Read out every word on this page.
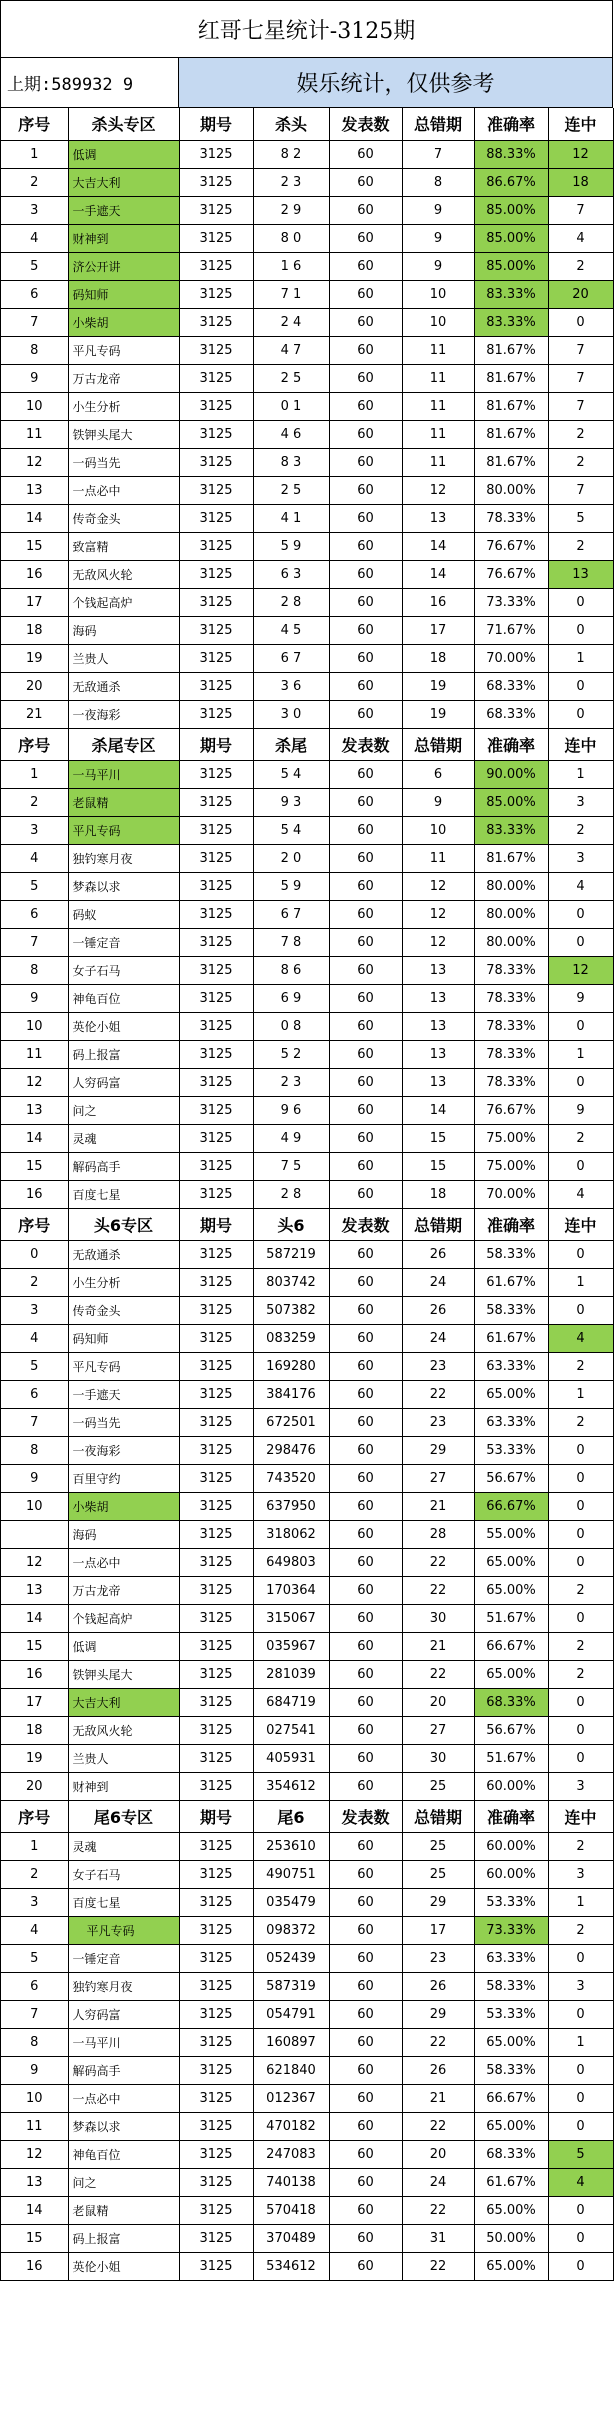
红哥七星统计-3125期
上期:589932 9	娱乐统计，仅供参考
序号	杀头专区	期号	杀头	发表数	总错期	准确率	连中
1	低调	3125	8 2	60	7	88.33%	12
2	大吉大利	3125	2 3	60	8	86.67%	18
3	一手遮天	3125	2 9	60	9	85.00%	7
4	财神到	3125	8 0	60	9	85.00%	4
5	济公开讲	3125	1 6	60	9	85.00%	2
6	码知师	3125	7 1	60	10	83.33%	20
7	小柴胡	3125	2 4	60	10	83.33%	0
8	平凡专码	3125	4 7	60	11	81.67%	7
9	万古龙帝	3125	2 5	60	11	81.67%	7
10	小生分析	3125	0 1	60	11	81.67%	7
11	铁钾头尾大	3125	4 6	60	11	81.67%	2
12	一码当先	3125	8 3	60	11	81.67%	2
13	一点必中	3125	2 5	60	12	80.00%	7
14	传奇金头	3125	4 1	60	13	78.33%	5
15	致富精	3125	5 9	60	14	76.67%	2
16	无敌风火轮	3125	6 3	60	14	76.67%	13
17	个钱起高炉	3125	2 8	60	16	73.33%	0
18	海码	3125	4 5	60	17	71.67%	0
19	兰贵人	3125	6 7	60	18	70.00%	1
20	无敌通杀	3125	3 6	60	19	68.33%	0
21	一夜海彩	3125	3 0	60	19	68.33%	0
序号	杀尾专区	期号	杀尾	发表数	总错期	准确率	连中
1	一马平川	3125	5 4	60	6	90.00%	1
2	老鼠精	3125	9 3	60	9	85.00%	3
3	平凡专码	3125	5 4	60	10	83.33%	2
4	独钓寒月夜	3125	2 0	60	11	81.67%	3
5	梦森以求	3125	5 9	60	12	80.00%	4
6	码蚁	3125	6 7	60	12	80.00%	0
7	一锤定音	3125	7 8	60	12	80.00%	0
8	女子石马	3125	8 6	60	13	78.33%	12
9	神龟百位	3125	6 9	60	13	78.33%	9
10	英伦小姐	3125	0 8	60	13	78.33%	0
11	码上报富	3125	5 2	60	13	78.33%	1
12	人穷码富	3125	2 3	60	13	78.33%	0
13	问之	3125	9 6	60	14	76.67%	9
14	灵魂	3125	4 9	60	15	75.00%	2
15	解码高手	3125	7 5	60	15	75.00%	0
16	百度七星	3125	2 8	60	18	70.00%	4
序号	头6专区	期号	头6	发表数	总错期	准确率	连中
0	无敌通杀	3125	587219	60	26	58.33%	0
2	小生分析	3125	803742	60	24	61.67%	1
3	传奇金头	3125	507382	60	26	58.33%	0
4	码知师	3125	083259	60	24	61.67%	4
5	平凡专码	3125	169280	60	23	63.33%	2
6	一手遮天	3125	384176	60	22	65.00%	1
7	一码当先	3125	672501	60	23	63.33%	2
8	一夜海彩	3125	298476	60	29	53.33%	0
9	百里守约	3125	743520	60	27	56.67%	0
10	小柴胡	3125	637950	60	21	66.67%	0
	海码	3125	318062	60	28	55.00%	0
12	一点必中	3125	649803	60	22	65.00%	0
13	万古龙帝	3125	170364	60	22	65.00%	2
14	个钱起高炉	3125	315067	60	30	51.67%	0
15	低调	3125	035967	60	21	66.67%	2
16	铁钾头尾大	3125	281039	60	22	65.00%	2
17	大吉大利	3125	684719	60	20	68.33%	0
18	无敌风火轮	3125	027541	60	27	56.67%	0
19	兰贵人	3125	405931	60	30	51.67%	0
20	财神到	3125	354612	60	25	60.00%	3
序号	尾6专区	期号	尾6	发表数	总错期	准确率	连中
1	灵魂	3125	253610	60	25	60.00%	2
2	女子石马	3125	490751	60	25	60.00%	3
3	百度七星	3125	035479	60	29	53.33%	1
4	平凡专码	3125	098372	60	17	73.33%	2
5	一锤定音	3125	052439	60	23	63.33%	0
6	独钓寒月夜	3125	587319	60	26	58.33%	3
7	人穷码富	3125	054791	60	29	53.33%	0
8	一马平川	3125	160897	60	22	65.00%	1
9	解码高手	3125	621840	60	26	58.33%	0
10	一点必中	3125	012367	60	21	66.67%	0
11	梦森以求	3125	470182	60	22	65.00%	0
12	神龟百位	3125	247083	60	20	68.33%	5
13	问之	3125	740138	60	24	61.67%	4
14	老鼠精	3125	570418	60	22	65.00%	0
15	码上报富	3125	370489	60	31	50.00%	0
16	英伦小姐	3125	534612	60	22	65.00%	0
